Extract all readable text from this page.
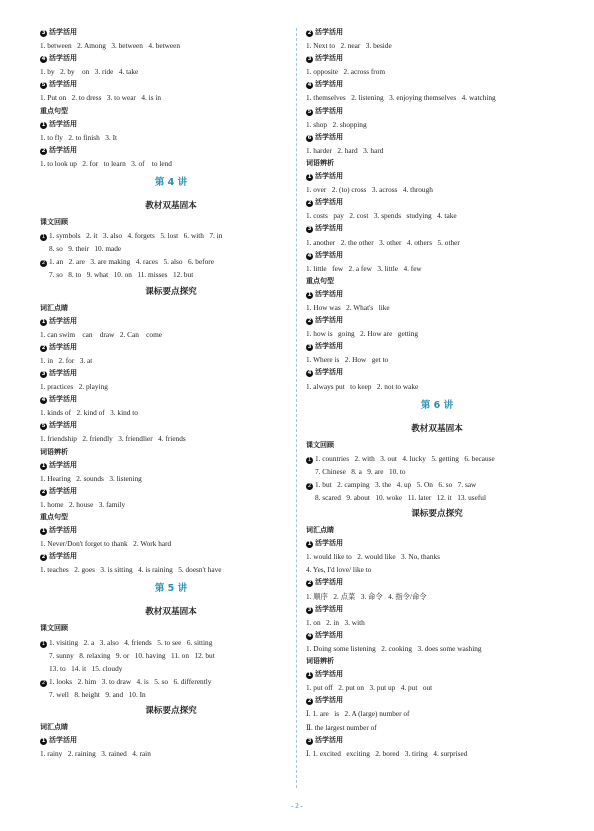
3 活学活用
1. between   2. Among   3. between   4. between
4 活学活用
1. by   2. by    on   3. ride   4. take
5 活学活用
1. Put on   2. to dress   3. to wear   4. is in
重点句型
1 活学活用
1. to fly   2. to finish   3. It
2 活学活用
1. to look up   2. for   to learn   3. of    to lend
第 4 讲
教材双基固本
课文回顾
1 1. symbols   2. it   3. also   4. forgets   5. lost   6. with   7. in
8. so   9. their   10. made
2 1. an   2. are   3. are making   4. races   5. also   6. before
7. so   8. to   9. what   10. on   11. misses   12. but
课标要点探究
词汇点睛
1 活学活用
1. can swim    can    draw   2. Can    come
2 活学活用
1. in   2. for   3. at
3 活学活用
1. practices   2. playing
4 活学活用
1. kinds of   2. kind of   3. kind to
5 活学活用
1. friendship   2. friendly   3. friendlier   4. friends
词语辨析
1 活学活用
1. Hearing   2. sounds   3. listening
2 活学活用
1. home   2. house   3. family
重点句型
1 活学活用
1. Never/Don't forget to thank   2. Work hard
2 活学活用
1. teaches   2. goes   3. is sitting   4. is raining   5. doesn't have
第 5 讲
教材双基固本
课文回顾
1 1. visiting   2. a   3. also   4. friends   5. to see   6. sitting
7. sunny   8. relaxing   9. or   10. having   11. on   12. but
13. to   14. it   15. cloudy
2 1. looks   2. him   3. to draw   4. is   5. so   6. differently
7. well   8. height   9. and   10. In
课标要点探究
词汇点睛
1 活学活用
1. rainy   2. raining   3. rained   4. rain
2 活学活用
1. Next to   2. near   3. beside
3 活学活用
1. opposite   2. across from
4 活学活用
1. themselves   2. listening   3. enjoying themselves   4. watching
5 活学活用
1. shop   2. shopping
6 活学活用
1. harder   2. hard   3. hard
词语辨析
1 活学活用
1. over   2. (to) cross   3. across   4. through
2 活学活用
1. costs   pay   2. cost   3. spends   studying   4. take
3 活学活用
1. another   2. the other   3. other   4. others   5. other
4 活学活用
1. little   few   2. a few   3. little   4. few
重点句型
1 活学活用
1. How was   2. What's   like
2 活学活用
1. how is   going   2. How are   getting
3 活学活用
1. Where is   2. How   get to
4 活学活用
1. always put   to keep   2. not to wake
第 6 讲
教材双基固本
课文回顾
1 1. countries   2. with   3. out   4. lucky   5. getting   6. because
7. Chinese   8. a   9. are   10. to
2 1. but   2. camping   3. the   4. up   5. On   6. so   7. saw
8. scared   9. about   10. woke   11. later   12. it   13. useful
课标要点探究
词汇点睛
1 活学活用
1. would like to   2. would like   3. No, thanks
4. Yes, I'd love/ like to
2 活学活用
1. 顺序   2. 点菜   3. 命令   4. 指令/命令
3 活学活用
1. on   2. in   3. with
4 活学活用
1. Doing some listening   2. cooking   3. does some washing
词语辨析
1 活学活用
1. put off   2. put on   3. put up   4. put   out
2 活学活用
Ⅰ. 1. are   is   2. A (large) number of
Ⅱ. the largest number of
3 活学活用
Ⅰ. 1. excited   exciting   2. bored   3. tiring   4. surprised
- 2 -
